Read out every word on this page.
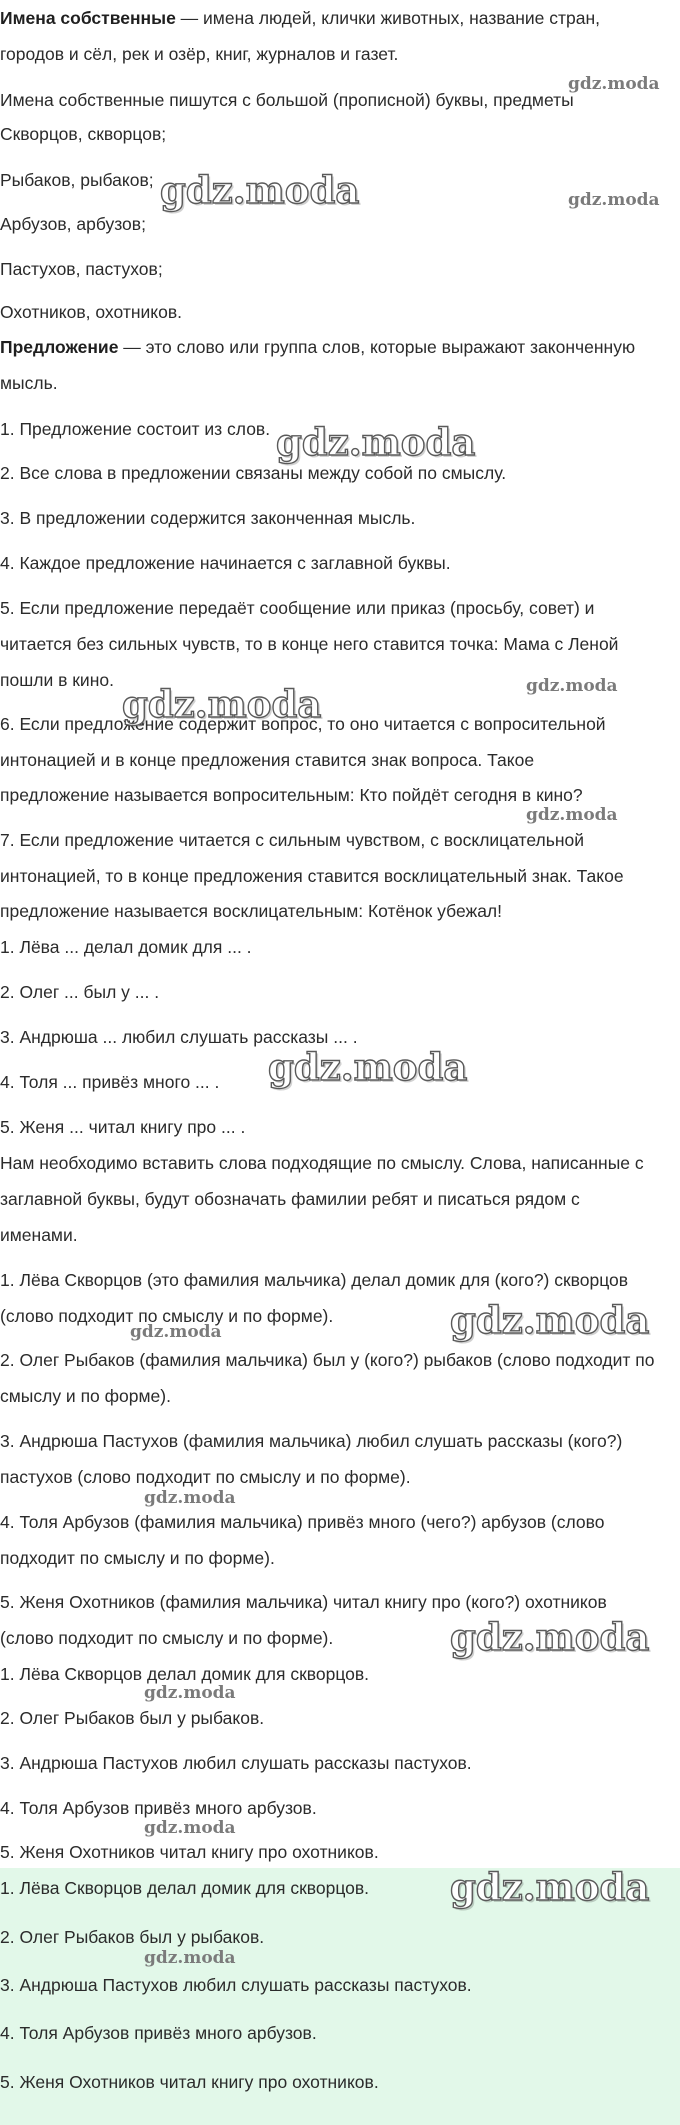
Имена собственные — имена людей, клички животных, название стран,
городов и сёл, рек и озёр, книг, журналов и газет.
Имена собственные пишутся с большой (прописной) буквы, предметы
Скворцов, скворцов;
Рыбаков, рыбаков;
Арбузов, арбузов;
Пастухов, пастухов;
Охотников, охотников.
Предложение — это слово или группа слов, которые выражают законченную
мысль.
1. Предложение состоит из слов.
2. Все слова в предложении связаны между собой по смыслу.
3. В предложении содержится законченная мысль.
4. Каждое предложение начинается с заглавной буквы.
5. Если предложение передаёт сообщение или приказ (просьбу, совет) и
читается без сильных чувств, то в конце него ставится точка: Мама с Леной
пошли в кино.
6. Если предложение содержит вопрос, то оно читается с вопросительной
интонацией и в конце предложения ставится знак вопроса. Такое
предложение называется вопросительным: Кто пойдёт сегодня в кино?
7. Если предложение читается с сильным чувством, с восклицательной
интонацией, то в конце предложения ставится восклицательный знак. Такое
предложение называется восклицательным: Котёнок убежал!
1. Лёва ... делал домик для ... .
2. Олег ... был у ... .
3. Андрюша ... любил слушать рассказы ... .
4. Толя ... привёз много ... .
5. Женя ... читал книгу про ... .
Нам необходимо вставить слова подходящие по смыслу. Слова, написанные с
заглавной буквы, будут обозначать фамилии ребят и писаться рядом с
именами.
1. Лёва Скворцов (это фамилия мальчика) делал домик для (кого?) скворцов
(слово подходит по смыслу и по форме).
2. Олег Рыбаков (фамилия мальчика) был у (кого?) рыбаков (слово подходит по
смыслу и по форме).
3. Андрюша Пастухов (фамилия мальчика) любил слушать рассказы (кого?)
пастухов (слово подходит по смыслу и по форме).
4. Толя Арбузов (фамилия мальчика) привёз много (чего?) арбузов (слово
подходит по смыслу и по форме).
5. Женя Охотников (фамилия мальчика) читал книгу про (кого?) охотников
(слово подходит по смыслу и по форме).
1. Лёва Скворцов делал домик для скворцов.
2. Олег Рыбаков был у рыбаков.
3. Андрюша Пастухов любил слушать рассказы пастухов.
4. Толя Арбузов привёз много арбузов.
5. Женя Охотников читал книгу про охотников.
1. Лёва Скворцов делал домик для скворцов.
2. Олег Рыбаков был у рыбаков.
3. Андрюша Пастухов любил слушать рассказы пастухов.
4. Толя Арбузов привёз много арбузов.
5. Женя Охотников читал книгу про охотников.
gdz.moda
gdz.moda	gdz.moda
gdz.moda
gdz.moda
gdz.moda
gdz.moda
gdz.moda
gdz.moda
gdz.moda
gdz.moda
gdz.moda
gdz.moda
gdz.moda
gdz.moda
gdz.moda
